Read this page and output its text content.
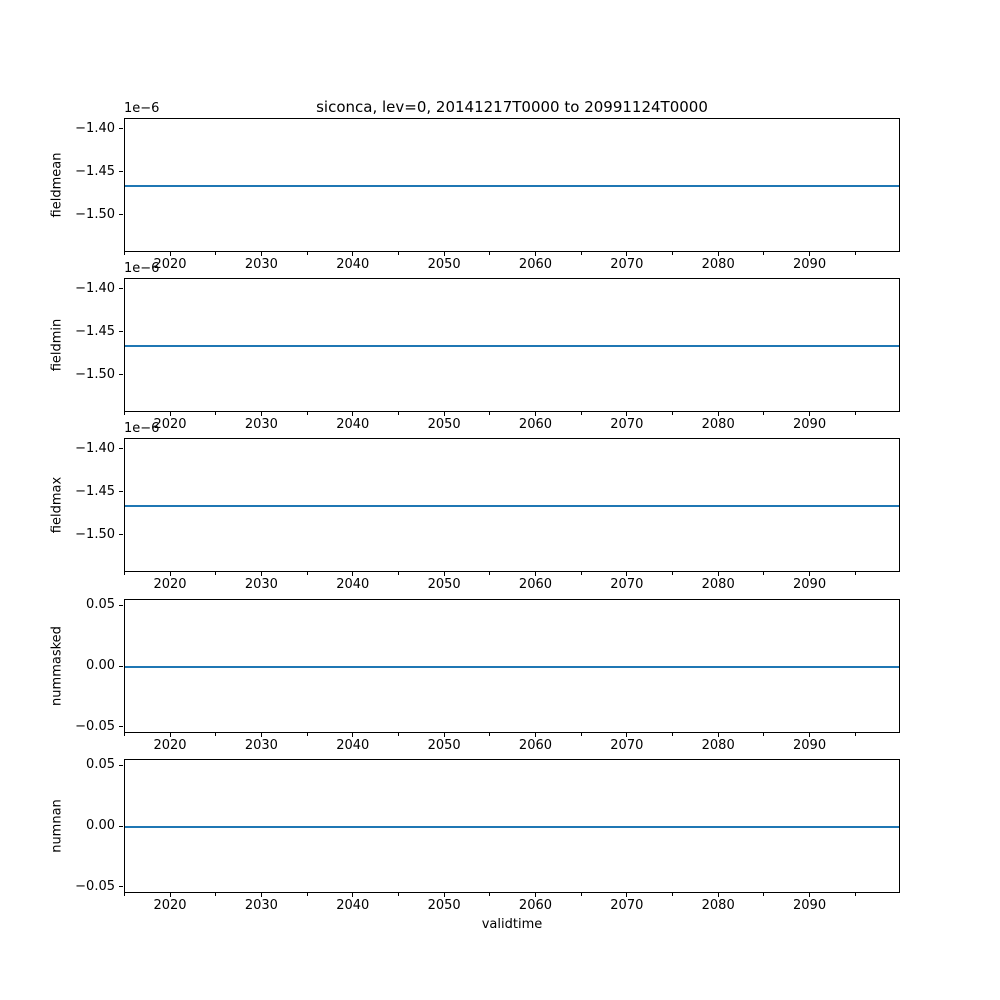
siconca, lev=0, 20141217T0000 to 20991124T0000
−1.40
−1.45
−1.50
2020	2030	2040	2050	2060	2070	2080	2090
1e−6
fieldmean
−1.40
−1.45
−1.50
2020	2030	2040	2050	2060	2070	2080	2090
1e−6
fieldmin
−1.40
−1.45
−1.50
2020	2030	2040	2050	2060	2070	2080	2090
1e−6
fieldmax
0.05
0.00
−0.05
2020	2030	2040	2050	2060	2070	2080	2090
nummasked
0.05
0.00
−0.05
2020	2030	2040	2050	2060	2070	2080	2090
numnan
validtime
